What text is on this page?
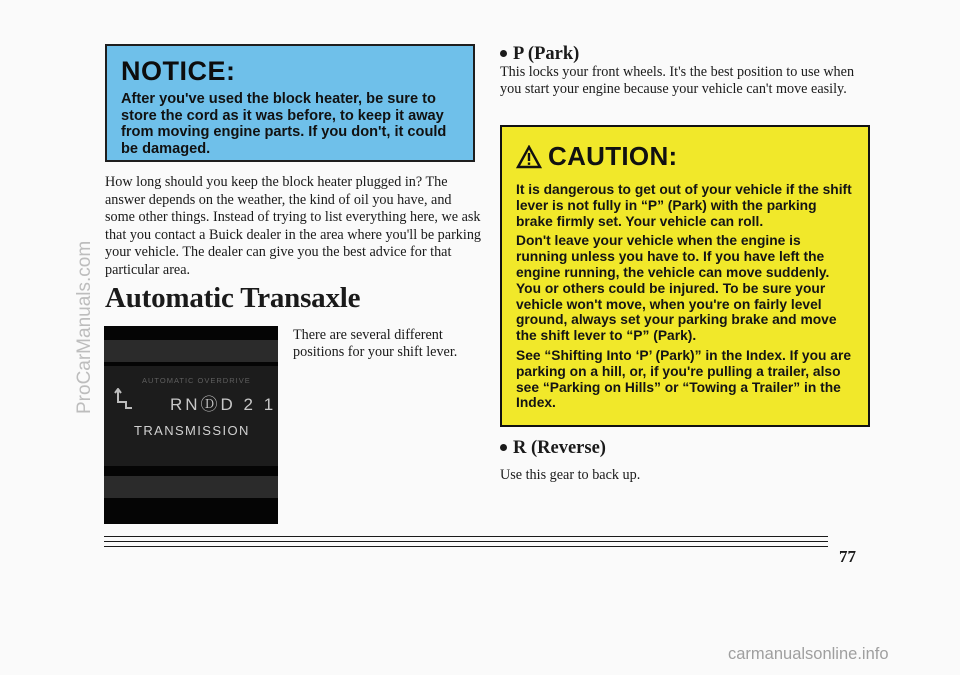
NOTICE:
After you've used the block heater, be sure to store the cord as it was before, to keep it away from moving engine parts. If you don't, it could be damaged.
How long should you keep the block heater plugged in? The answer depends on the weather, the kind of oil you have, and some other things. Instead of trying to list everything here, we ask that you contact a Buick dealer in the area where you'll be parking your vehicle. The dealer can give you the best advice for that particular area.
Automatic Transaxle
AUTOMATIC OVERDRIVE
RNⒹD 2 1
TRANSMISSION
There are several different positions for your shift lever.
P (Park)
This locks your front wheels. It's the best position to use when you start your engine because your vehicle can't move easily.
CAUTION:

It is dangerous to get out of your vehicle if the shift lever is not fully in “P” (Park) with the parking brake firmly set. Your vehicle can roll.

Don't leave your vehicle when the engine is running unless you have to. If you have left the engine running, the vehicle can move suddenly. You or others could be injured. To be sure your vehicle won't move, when you're on fairly level ground, always set your parking brake and move the shift lever to “P” (Park).

See “Shifting Into ‘P’ (Park)” in the Index. If you are parking on a hill, or, if you're pulling a trailer, also see “Parking on Hills” or “Towing a Trailer” in the Index.

R (Reverse)
Use this gear to back up.
77
ProCarManuals.com
carmanualsonline.info
